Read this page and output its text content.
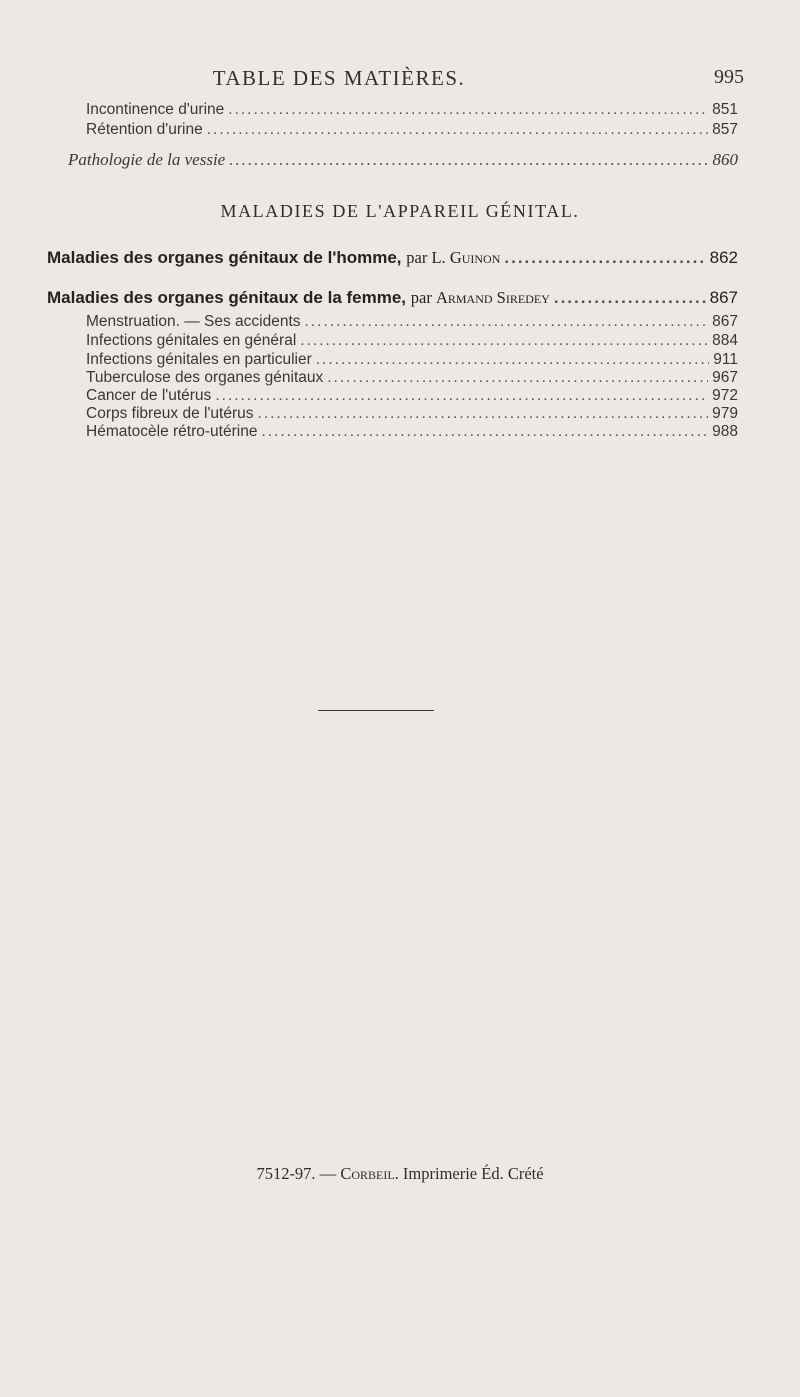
TABLE DES MATIÈRES.	995
Incontinence d'urine .....	851
Rétention d'urine .....	857
Pathologie de la vessie .....	860
MALADIES DE L'APPAREIL GÉNITAL.
Maladies des organes génitaux de l'homme, par L. Guinon .....	862
Maladies des organes génitaux de la femme, par Armand Siredey .....	867
Menstruation. — Ses accidents .....	867
Infections génitales en général .....	884
Infections génitales en particulier .....	911
Tuberculose des organes génitaux .....	967
Cancer de l'utérus .....	972
Corps fibreux de l'utérus .....	979
Hématocèle rétro-utérine .....	988
7512-97. — Corbeil. Imprimerie Éd. Crété
